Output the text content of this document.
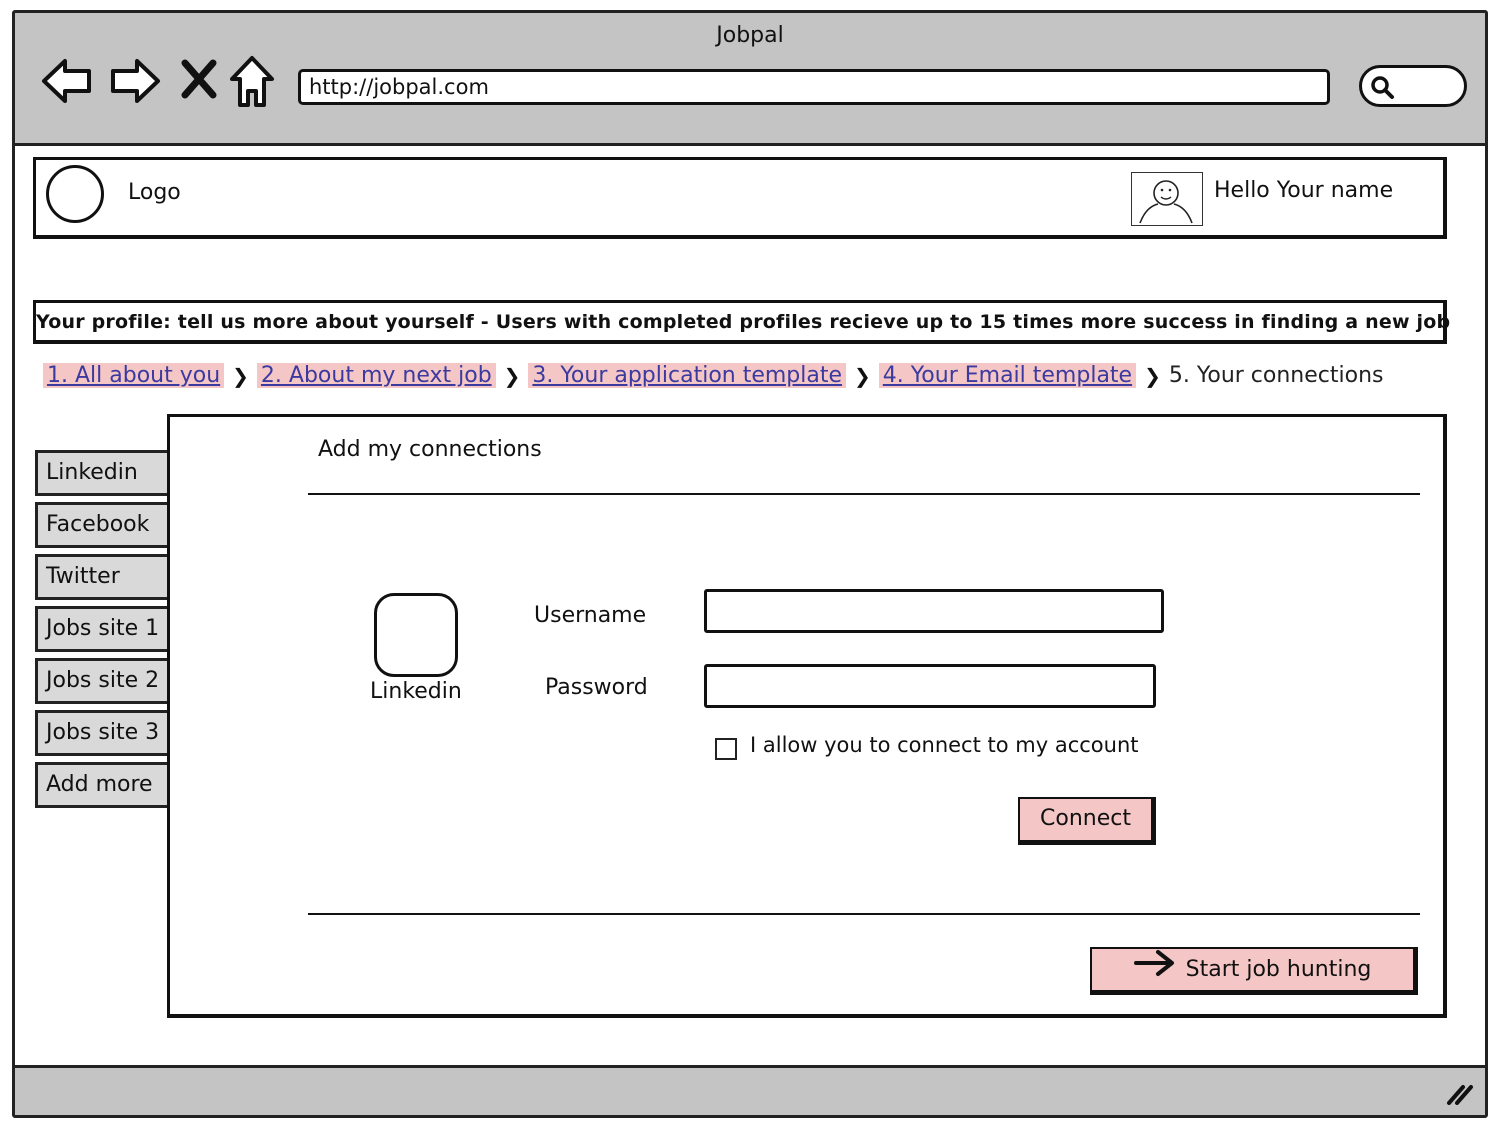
Jobpal
http://jobpal.com
Logo	Hello Your name
Your profile: tell us more about yourself - Users with completed profiles recieve up to 15 times more success in finding a new job
1. All about you ❯ 2. About my next job ❯ 3. Your application template ❯ 4. Your Email template ❯ 5. Your connections
Linkedin
Facebook
Twitter
Jobs site 1
Jobs site 2
Jobs site 3
Add more
Add my connections
Linkedin
Username
Password
I allow you to connect to my account
Connect
Start job hunting
